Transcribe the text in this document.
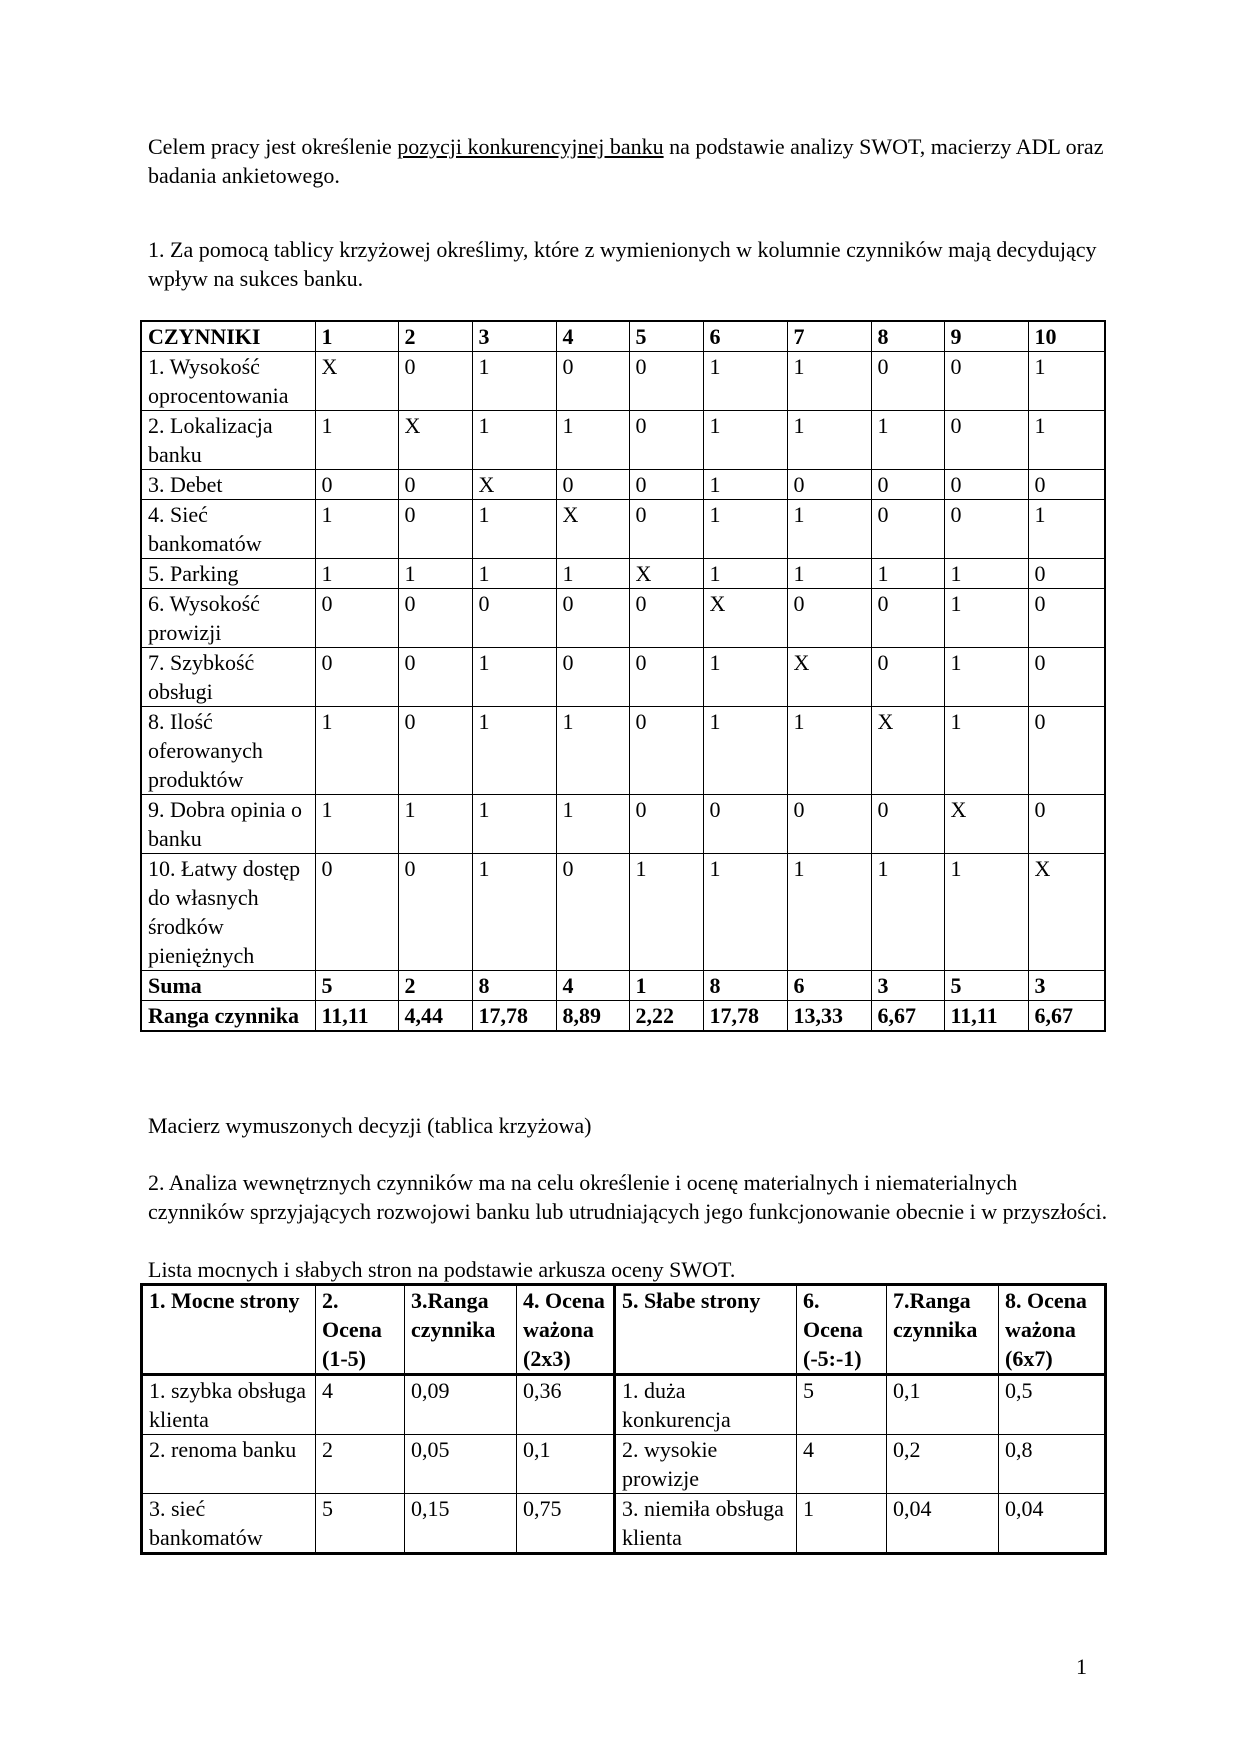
Celem pracy jest określenie pozycji konkurencyjnej banku na podstawie analizy SWOT, macierzy ADL oraz badania ankietowego.

1. Za pomocą tablicy krzyżowej określimy, które z wymienionych w kolumnie czynników mają decydujący wpływ na sukces banku.

CZYNNIKI	1	2	3	4	5	6	7	8	9	10
1. Wysokość oprocentowania	X	0	1	0	0	1	1	0	0	1
2. Lokalizacja banku	1	X	1	1	0	1	1	1	0	1
3. Debet	0	0	X	0	0	1	0	0	0	0
4. Sieć bankomatów	1	0	1	X	0	1	1	0	0	1
5. Parking	1	1	1	1	X	1	1	1	1	0
6. Wysokość prowizji	0	0	0	0	0	X	0	0	1	0
7. Szybkość obsługi	0	0	1	0	0	1	X	0	1	0
8. Ilość oferowanych produktów	1	0	1	1	0	1	1	X	1	0
9. Dobra opinia o banku	1	1	1	1	0	0	0	0	X	0
10. Łatwy dostęp do własnych środków pieniężnych	0	0	1	0	1	1	1	1	1	X
Suma	5	2	8	4	1	8	6	3	5	3
Ranga czynnika	11,11	4,44	17,78	8,89	2,22	17,78	13,33	6,67	11,11	6,67

Macierz wymuszonych decyzji (tablica krzyżowa)

2. Analiza wewnętrznych czynników ma na celu określenie i ocenę materialnych i niematerialnych czynników sprzyjających rozwojowi banku lub utrudniających jego funkcjonowanie obecnie i w przyszłości.

Lista mocnych i słabych stron na podstawie arkusza oceny SWOT.

1. Mocne strony	2. Ocena (1-5)	3.Ranga czynnika	4. Ocena ważona (2x3)	5. Słabe strony	6. Ocena (-5:-1)	7.Ranga czynnika	8. Ocena ważona (6x7)
1. szybka obsługa klienta	4	0,09	0,36	1. duża konkurencja	5	0,1	0,5
2. renoma banku	2	0,05	0,1	2. wysokie prowizje	4	0,2	0,8
3. sieć bankomatów	5	0,15	0,75	3. niemiła obsługa klienta	1	0,04	0,04
1
